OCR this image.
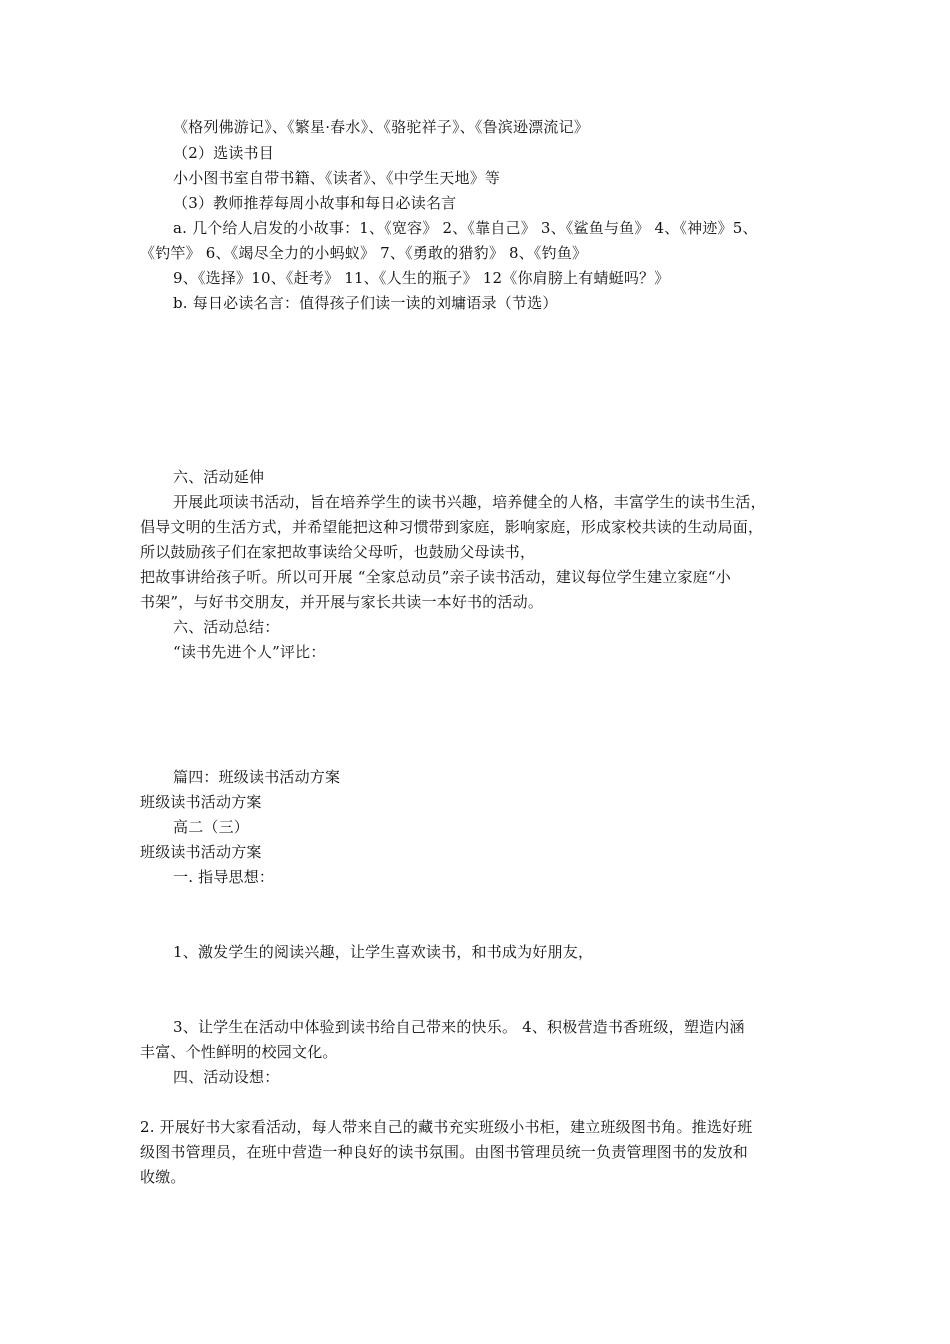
《格列佛游记》、《繁星·春水》、《骆驼祥子》、《鲁滨逊漂流记》
（2）选读书目
小小图书室自带书籍、《读者》、《中学生天地》等
（3）教师推荐每周小故事和每日必读名言
a. 几个给人启发的小故事：1、《宽容》 2、《靠自己》 3、《鲨鱼与鱼》 4、《神迹》5、
《钓竿》 6、《竭尽全力的小蚂蚁》 7、《勇敢的猎豹》 8、《钓鱼》
9、《选择》10、《赶考》 11、《人生的瓶子》 12《你肩膀上有蜻蜓吗？》
b. 每日必读名言：值得孩子们读一读的刘墉语录（节选）
六、活动延伸
开展此项读书活动，旨在培养学生的读书兴趣，培养健全的人格，丰富学生的读书生活，
倡导文明的生活方式，并希望能把这种习惯带到家庭，影响家庭，形成家校共读的生动局面，
所以鼓励孩子们在家把故事读给父母听，也鼓励父母读书，
把故事讲给孩子听。所以可开展 “全家总动员”亲子读书活动，建议每位学生建立家庭“小
书架”，与好书交朋友，并开展与家长共读一本好书的活动。
六、活动总结：
“读书先进个人”评比：
篇四：班级读书活动方案
班级读书活动方案
高二（三）
班级读书活动方案
一. 指导思想：
1、激发学生的阅读兴趣，让学生喜欢读书，和书成为好朋友，
3、让学生在活动中体验到读书给自己带来的快乐。 4、积极营造书香班级，塑造内涵
丰富、个性鲜明的校园文化。
四、活动设想：
2. 开展好书大家看活动，每人带来自己的藏书充实班级小书柜，建立班级图书角。推选好班
级图书管理员，在班中营造一种良好的读书氛围。由图书管理员统一负责管理图书的发放和
收缴。
